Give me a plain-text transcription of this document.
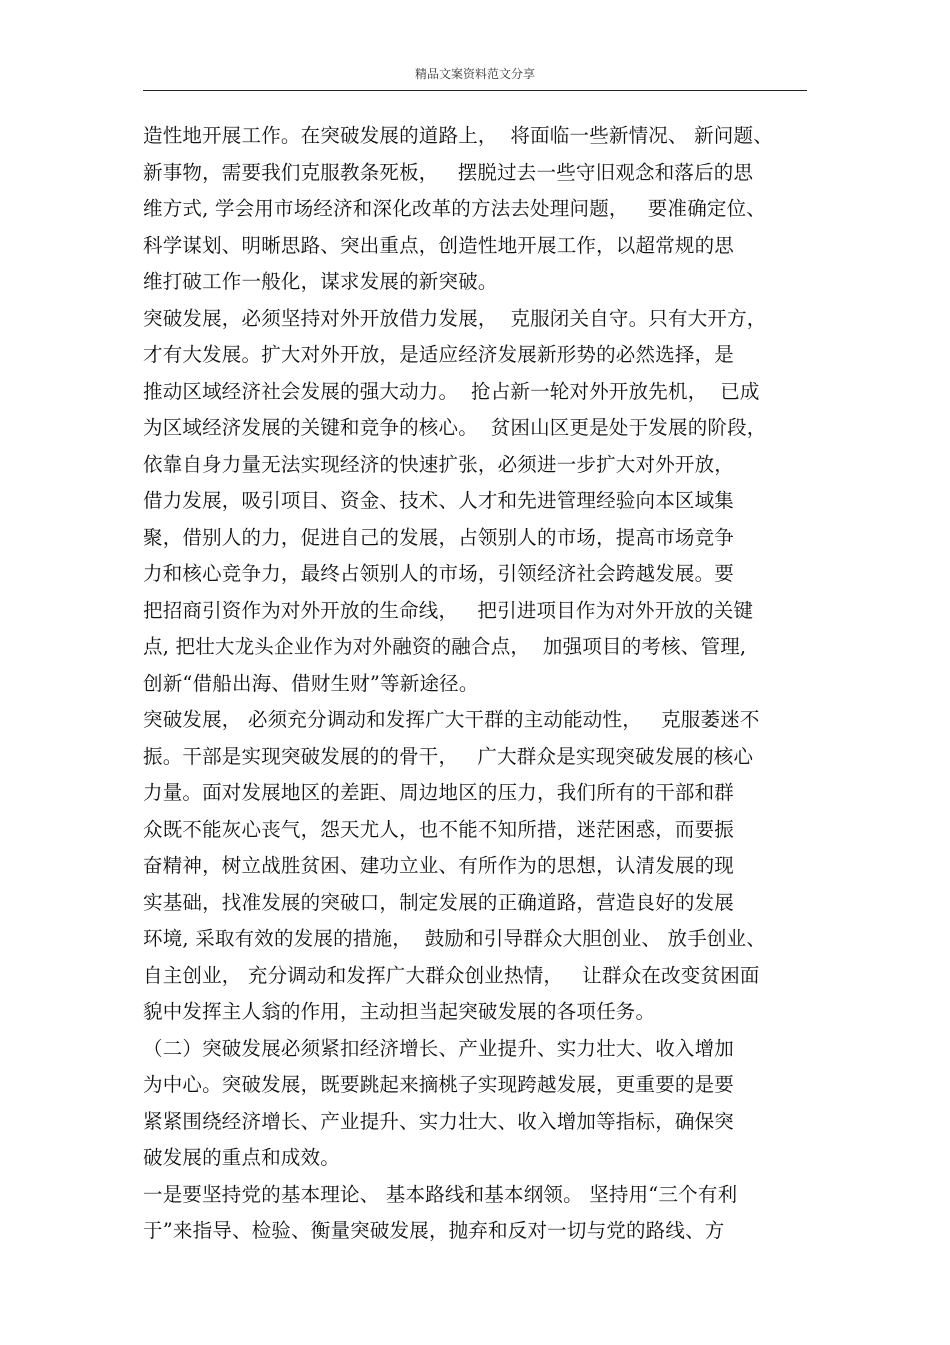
精品文案资料范文分享
造性地开展工作。在突破发展的道路上，  将面临一些新情况、 新问题、
新事物，需要我们克服教条死板，   摆脱过去一些守旧观念和落后的思
维方式, 学会用市场经济和深化改革的方法去处理问题，   要准确定位、
科学谋划、明晰思路、突出重点，创造性地开展工作，以超常规的思
维打破工作一般化，谋求发展的新突破。
突破发展，必须坚持对外开放借力发展，  克服闭关自守。只有大开方，
才有大发展。扩大对外开放，是适应经济发展新形势的必然选择，是
推动区域经济社会发展的强大动力。  抢占新一轮对外开放先机，  已成
为区域经济发展的关键和竞争的核心。  贫困山区更是处于发展的阶段，
依靠自身力量无法实现经济的快速扩张，必须进一步扩大对外开放，
借力发展，吸引项目、资金、技术、人才和先进管理经验向本区域集
聚，借别人的力，促进自己的发展，占领别人的市场，提高市场竞争
力和核心竞争力，最终占领别人的市场，引领经济社会跨越发展。要
把招商引资作为对外开放的生命线，   把引进项目作为对外开放的关键
点, 把壮大龙头企业作为对外融资的融合点，  加强项目的考核、管理,
创新“借船出海、借财生财”等新途径。
突破发展， 必须充分调动和发挥广大干群的主动能动性，   克服萎迷不
振。干部是实现突破发展的的骨干，   广大群众是实现突破发展的核心
力量。面对发展地区的差距、周边地区的压力，我们所有的干部和群
众既不能灰心丧气，怨天尤人，也不能不知所措，迷茫困惑，而要振
奋精神，树立战胜贫困、建功立业、有所作为的思想，认清发展的现
实基础，找准发展的突破口，制定发展的正确道路，营造良好的发展
环境, 采取有效的发展的措施，  鼓励和引导群众大胆创业、 放手创业、
自主创业， 充分调动和发挥广大群众创业热情，   让群众在改变贫困面
貌中发挥主人翁的作用，主动担当起突破发展的各项任务。
（二）突破发展必须紧扣经济增长、产业提升、实力壮大、收入增加
为中心。突破发展，既要跳起来摘桃子实现跨越发展，更重要的是要
紧紧围绕经济增长、产业提升、实力壮大、收入增加等指标，确保突
破发展的重点和成效。
一是要坚持党的基本理论、 基本路线和基本纲领。 坚持用“三个有利
于”来指导、检验、衡量突破发展，抛弃和反对一切与党的路线、方
